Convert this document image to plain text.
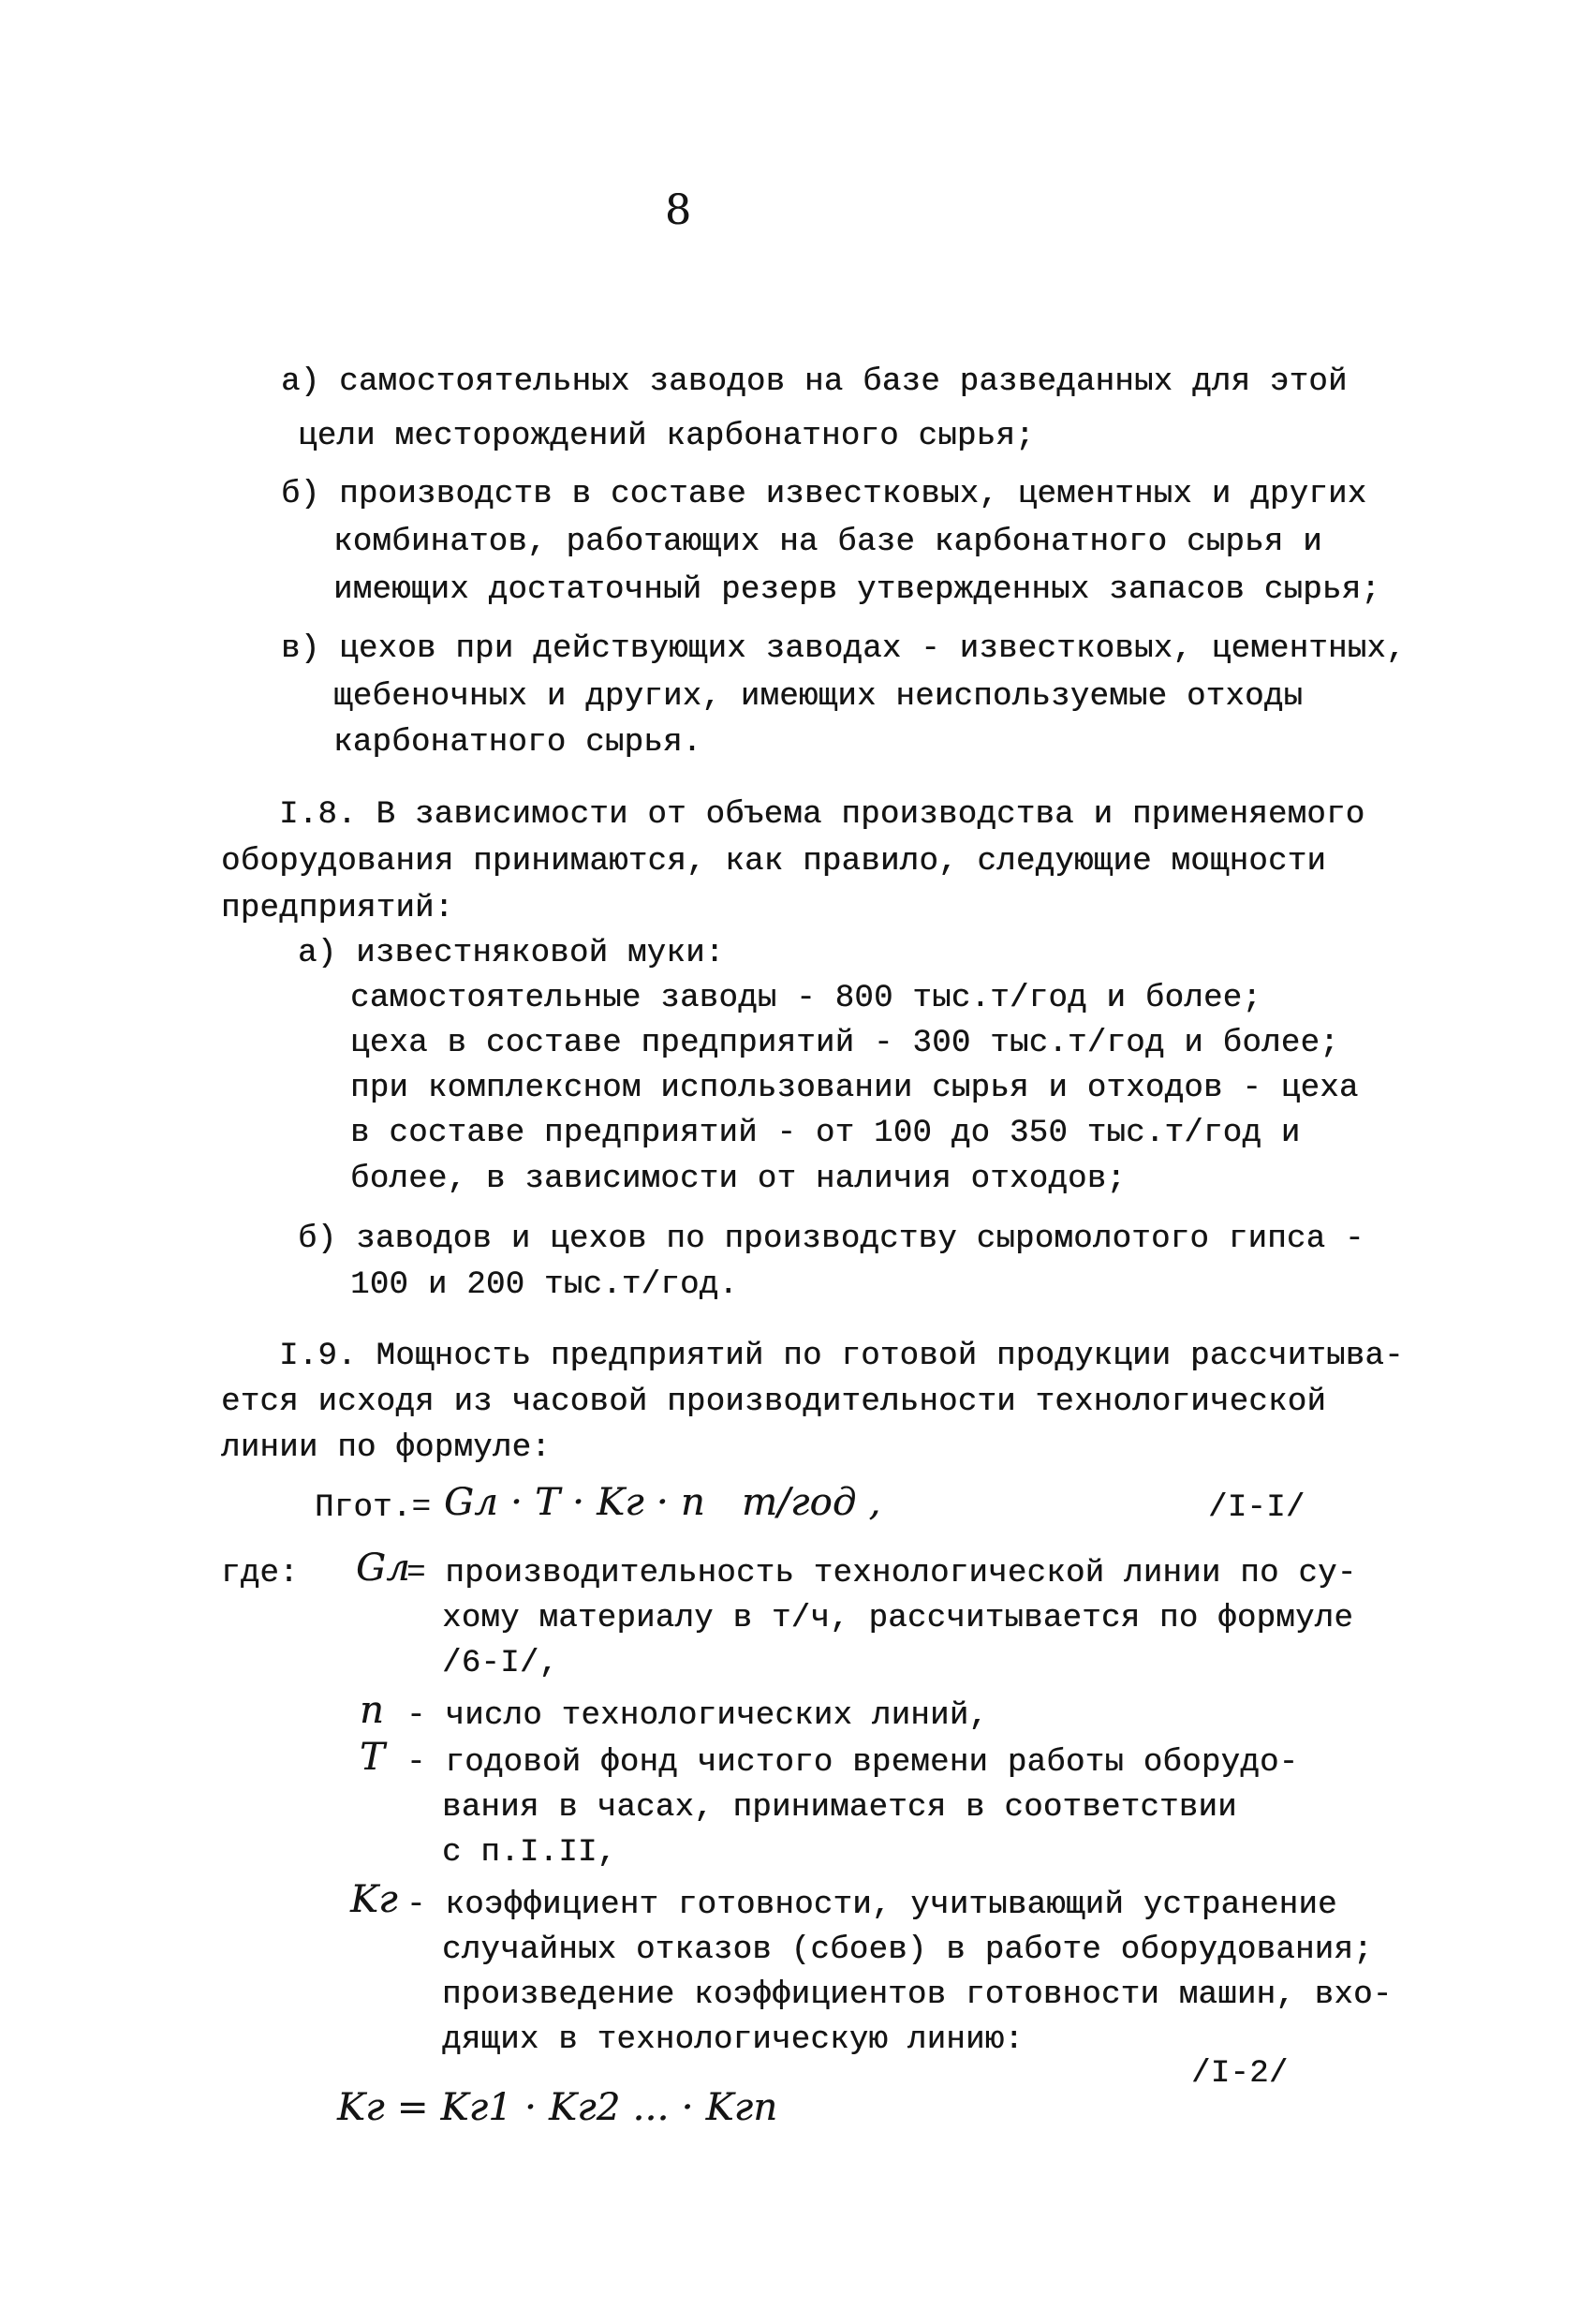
8
а) самостоятельных заводов на базе разведанных для этой
цели месторождений карбонатного сырья;
б) производств в составе известковых, цементных и других
комбинатов, работающих на базе карбонатного сырья и
имеющих достаточный резерв утвержденных запасов сырья;
в) цехов при действующих заводах - известковых, цементных,
щебеночных и других, имеющих неиспользуемые отходы
карбонатного сырья.
I.8. В зависимости от объема производства и применяемого
оборудования принимаются, как правило, следующие мощности
предприятий:
а) известняковой муки:
самостоятельные заводы - 800 тыс.т/год и более;
цеха в составе предприятий - 300 тыс.т/год и более;
при комплексном использовании сырья и отходов - цеха
в составе предприятий - от 100 до 350 тыс.т/год и
более, в зависимости от наличия отходов;
б) заводов и цехов по производству сыромолотого гипса -
100 и 200 тыс.т/год.
I.9. Мощность предприятий по готовой продукции рассчитыва-
ется исходя из часовой производительности технологической
линии по формуле:
Пгот.= Gл · T · Kг · n   т/год ,	/I-I/
где: Gл
= производительность технологической линии по су-
хому материалу в т/ч, рассчитывается по формуле
/6-I/,
n - число технологических линий,
T - годовой фонд чистого времени работы оборудо-
вания в часах, принимается в соответствии
с п.I.II,
Kг - коэффициент готовности, учитывающий устранение
случайных отказов (сбоев) в работе оборудования;
произведение коэффициентов готовности машин, вхо-
дящих в технологическую линию:
Kг = Kг1 · Kг2 ... · Kгn
/I-2/
